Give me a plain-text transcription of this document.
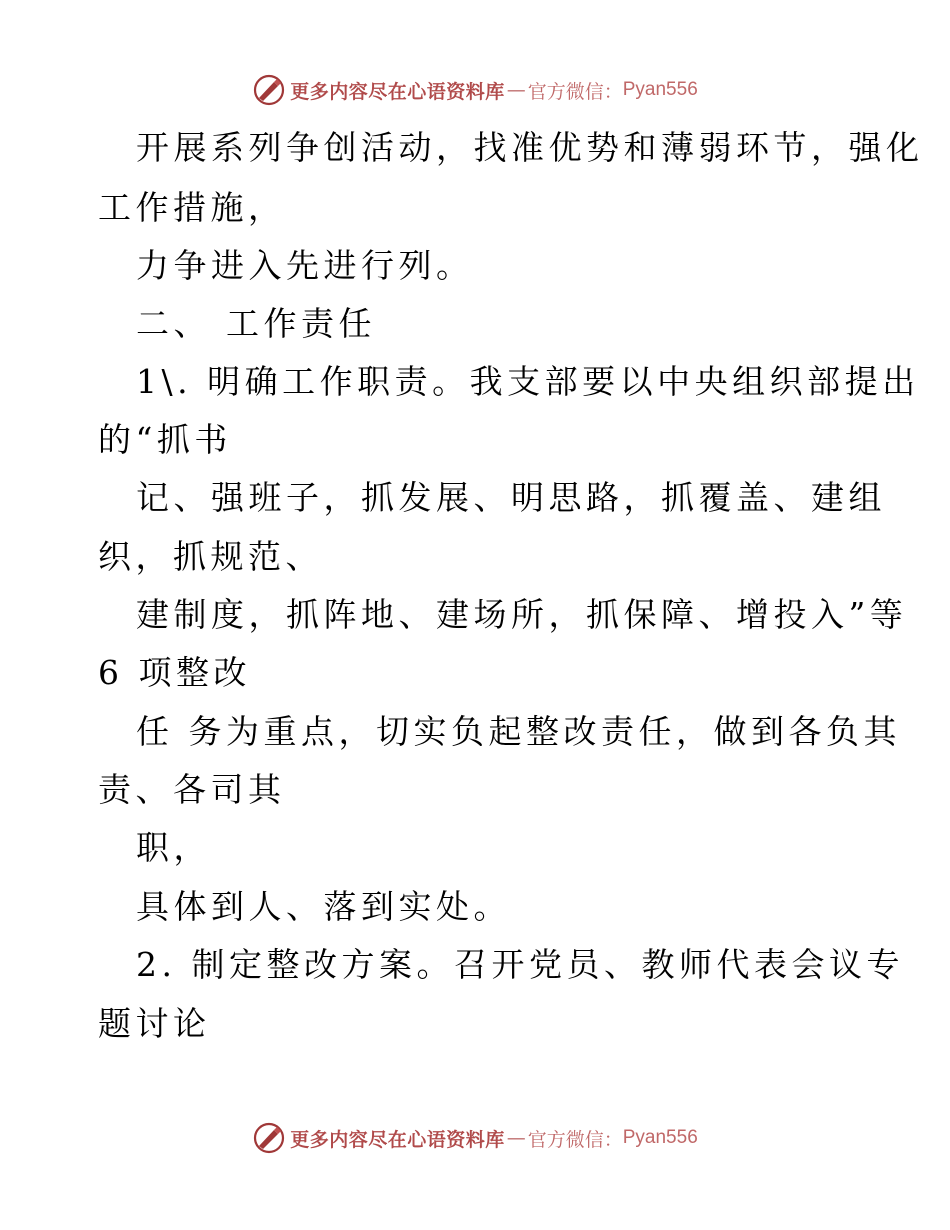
更多内容尽在心语资料库 — 官方微信： Pyan556
开展系列争创活动，找准优势和薄弱环节，强化
工作措施，
力争进入先进行列。
二、 工作责任
1\. 明确工作职责。我支部要以中央组织部提出
的“抓书
记、强班子，抓发展、明思路，抓覆盖、建组
织，抓规范、
建制度，抓阵地、建场所，抓保障、增投入”等
6 项整改
任 务为重点，切实负起整改责任，做到各负其
责、各司其
职，
具体到人、落到实处。
2. 制定整改方案。召开党员、教师代表会议专
题讨论
更多内容尽在心语资料库 — 官方微信： Pyan556
